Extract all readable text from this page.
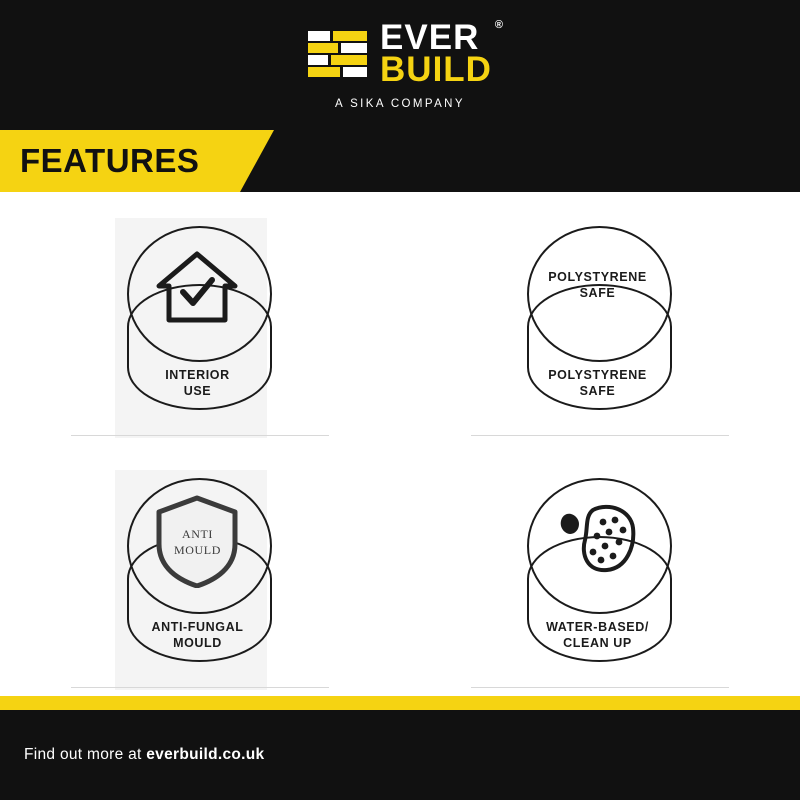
EVER ®
BUILD
A SIKA COMPANY
FEATURES
INTERIOR
USE
POLYSTYRENE
SAFE
POLYSTYRENE
SAFE
ANTI
MOULD
ANTI-FUNGAL
MOULD
WATER-BASED/
CLEAN UP
Find out more at everbuild.co.uk
